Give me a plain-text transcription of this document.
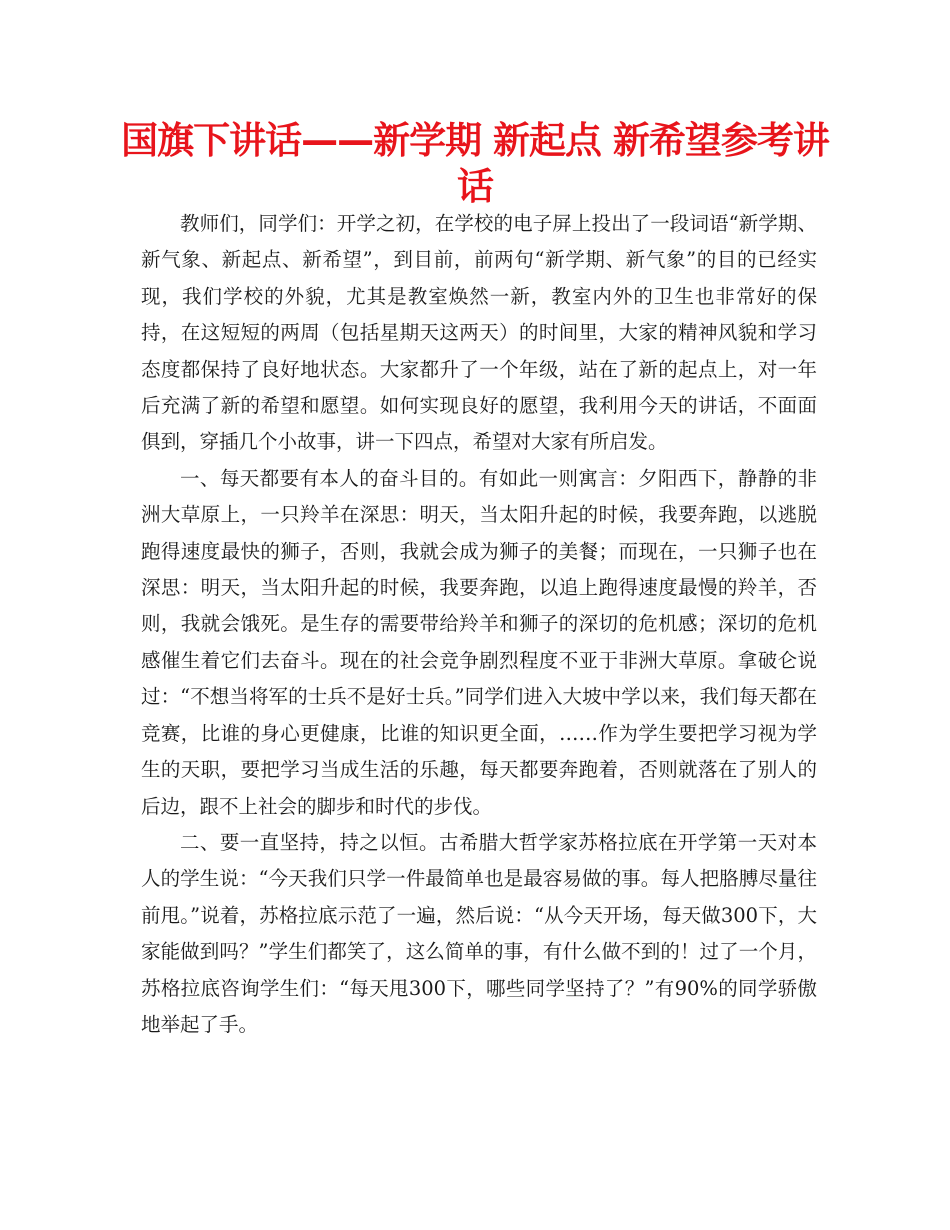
国旗下讲话——新学期 新起点 新希望参考讲话

教师们，同学们：开学之初，在学校的电子屏上投出了一段词语“新学期、新气象、新起点、新希望”，到目前，前两句“新学期、新气象”的目的已经实现，我们学校的外貌，尤其是教室焕然一新，教室内外的卫生也非常好的保持，在这短短的两周（包括星期天这两天）的时间里，大家的精神风貌和学习态度都保持了良好地状态。大家都升了一个年级，站在了新的起点上，对一年后充满了新的希望和愿望。如何实现良好的愿望，我利用今天的讲话，不面面俱到，穿插几个小故事，讲一下四点，希望对大家有所启发。

一、每天都要有本人的奋斗目的。有如此一则寓言：夕阳西下，静静的非洲大草原上，一只羚羊在深思：明天，当太阳升起的时候，我要奔跑，以逃脱跑得速度最快的狮子，否则，我就会成为狮子的美餐；而现在，一只狮子也在深思：明天，当太阳升起的时候，我要奔跑，以追上跑得速度最慢的羚羊，否则，我就会饿死。是生存的需要带给羚羊和狮子的深切的危机感；深切的危机感催生着它们去奋斗。现在的社会竞争剧烈程度不亚于非洲大草原。拿破仑说过：“不想当将军的士兵不是好士兵。”同学们进入大坡中学以来，我们每天都在竞赛，比谁的身心更健康，比谁的知识更全面，……作为学生要把学习视为学生的天职，要把学习当成生活的乐趣，每天都要奔跑着，否则就落在了别人的后边，跟不上社会的脚步和时代的步伐。

二、要一直坚持，持之以恒。古希腊大哲学家苏格拉底在开学第一天对本人的学生说：“今天我们只学一件最简单也是最容易做的事。每人把胳膊尽量往前甩。”说着，苏格拉底示范了一遍，然后说：“从今天开场，每天做300下，大家能做到吗？”学生们都笑了，这么简单的事，有什么做不到的！过了一个月，苏格拉底咨询学生们：“每天甩300下，哪些同学坚持了？”有90%的同学骄傲地举起了手。
